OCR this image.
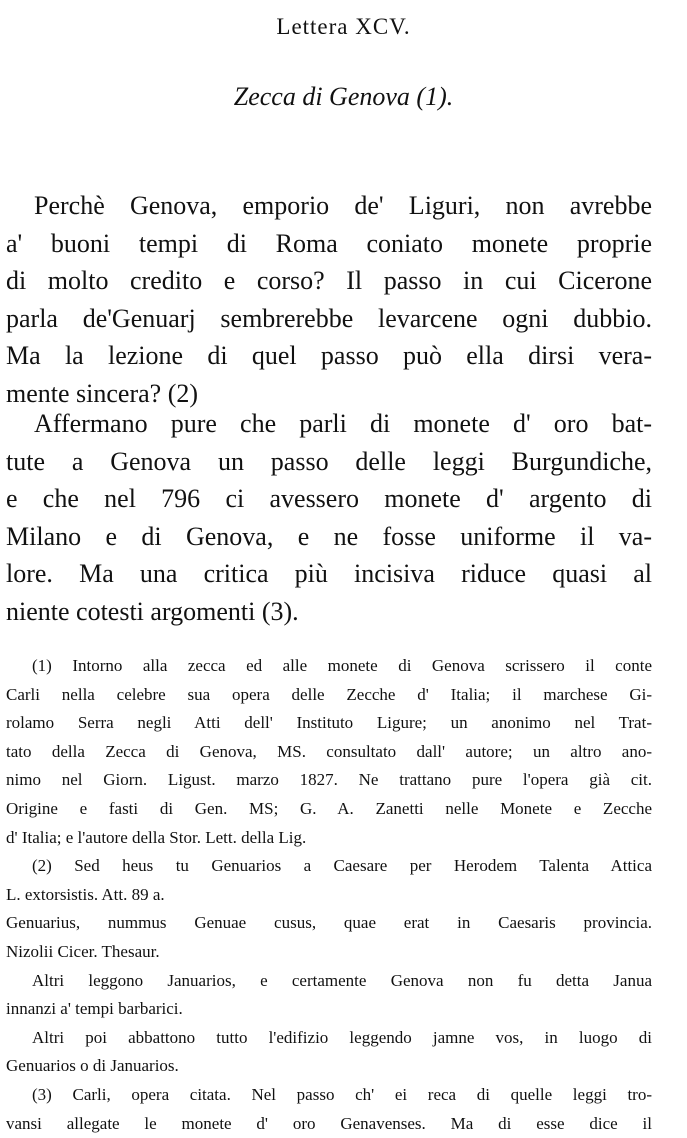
Lettera XCV.
Zecca di Genova (1).
Perchè Genova, emporio de' Liguri, non avrebbe
a' buoni tempi di Roma coniato monete proprie
di molto credito e corso? Il passo in cui Cicerone
parla de'Genuarj sembrerebbe levarcene ogni dubbio.
Ma la lezione di quel passo può ella dirsi vera-
mente sincera? (2)
Affermano pure che parli di monete d' oro bat-
tute a Genova un passo delle leggi Burgundiche,
e che nel 796 ci avessero monete d' argento di
Milano e di Genova, e ne fosse uniforme il va-
lore. Ma una critica più incisiva riduce quasi al
niente cotesti argomenti (3).
(1) Intorno alla zecca ed alle monete di Genova scrissero il conte
Carli nella celebre sua opera delle Zecche d' Italia; il marchese Gi-
rolamo Serra negli Atti dell' Instituto Ligure; un anonimo nel Trat-
tato della Zecca di Genova, MS. consultato dall' autore; un altro ano-
nimo nel Giorn. Ligust. marzo 1827. Ne trattano pure l'opera già cit.
Origine e fasti di Gen. MS; G. A. Zanetti nelle Monete e Zecche
d' Italia; e l'autore della Stor. Lett. della Lig.
(2) Sed heus tu Genuarios a Caesare per Herodem Talenta Attica
L. extorsistis. Att. 89 a.
Genuarius, nummus Genuae cusus, quae erat in Caesaris provincia.
Nizolii Cicer. Thesaur.
Altri leggono Januarios, e certamente Genova non fu detta Janua
innanzi a' tempi barbarici.
Altri poi abbattono tutto l'edifizio leggendo jamne vos, in luogo di
Genuarios o di Januarios.
(3) Carli, opera citata. Nel passo ch' ei reca di quelle leggi tro-
vansi allegate le monete d' oro Genavenses. Ma di esse dice il
